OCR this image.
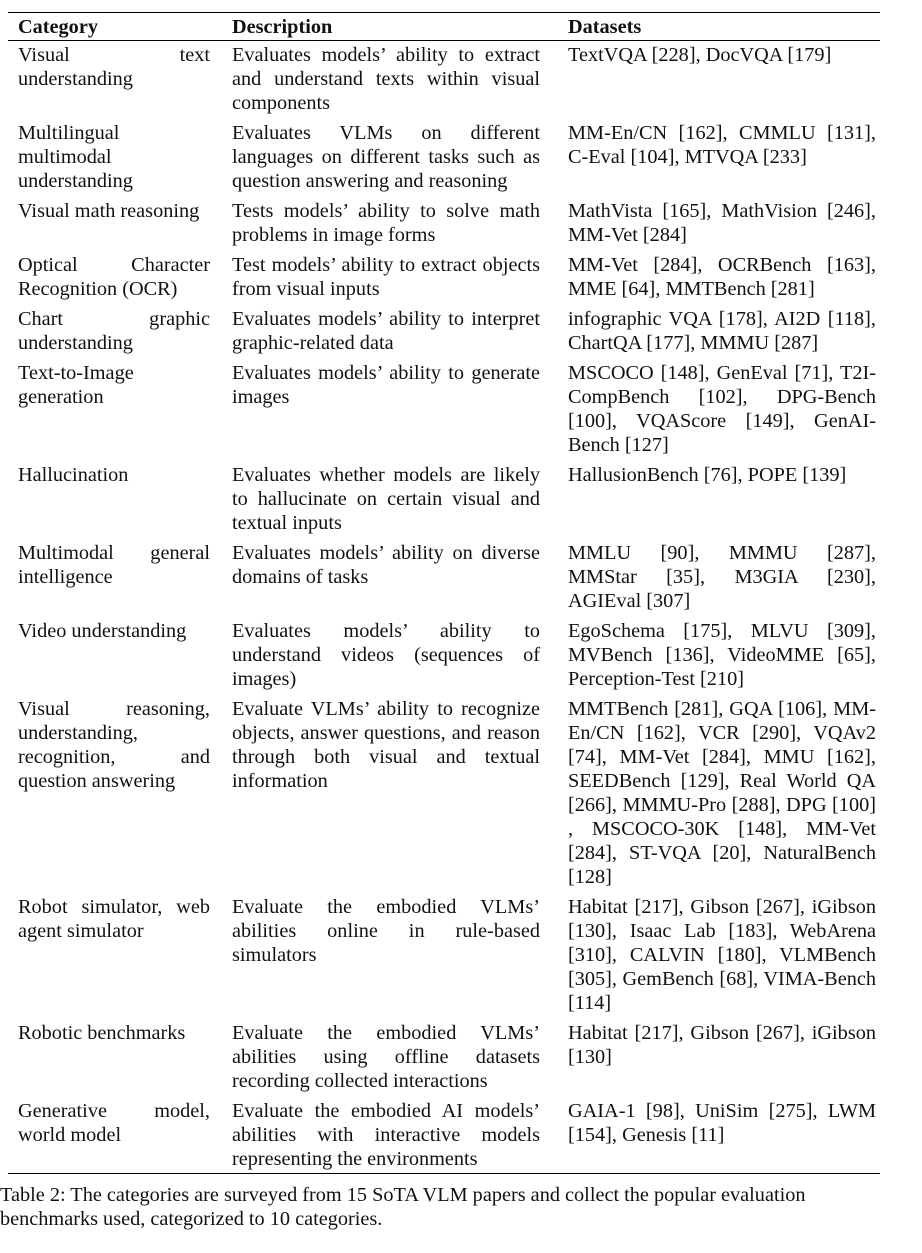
Category	Description	Datasets
Visual text understanding	Evaluates models’ ability to extract and understand texts within visual components	TextVQA [228], DocVQA [179]
Multilingual multimodal understanding	Evaluates VLMs on different languages on different tasks such as question answering and reasoning	MM-En/CN [162], CMMLU [131], C-Eval [104], MTVQA [233]
Visual math reasoning	Tests models’ ability to solve math problems in image forms	MathVista [165], MathVision [246], MM-Vet [284]
Optical Character Recognition (OCR)	Test models’ ability to extract objects from visual inputs	MM-Vet [284], OCRBench [163], MME [64], MMTBench [281]
Chart graphic understanding	Evaluates models’ ability to interpret graphic-related data	infographic VQA [178], AI2D [118], ChartQA [177], MMMU [287]
Text-to-Image generation	Evaluates models’ ability to generate images	MSCOCO [148], GenEval [71], T2I-CompBench [102], DPG-Bench [100], VQAScore [149], GenAI-Bench [127]
Hallucination	Evaluates whether models are likely to hallucinate on certain visual and textual inputs	HallusionBench [76], POPE [139]
Multimodal general intelligence	Evaluates models’ ability on diverse domains of tasks	MMLU [90], MMMU [287], MMStar [35], M3GIA [230], AGIEval [307]
Video understanding	Evaluates models’ ability to understand videos (sequences of images)	EgoSchema [175], MLVU [309], MVBench [136], VideoMME [65], Perception-Test [210]
Visual reasoning, understanding, recognition, and question answering	Evaluate VLMs’ ability to recognize objects, answer questions, and reason through both visual and textual information	MMTBench [281], GQA [106], MM-En/CN [162], VCR [290], VQAv2 [74], MM-Vet [284], MMU [162], SEEDBench [129], Real World QA [266], MMMU-Pro [288], DPG [100] , MSCOCO-30K [148], MM-Vet [284], ST-VQA [20], NaturalBench [128]
Robot simulator, web agent simulator	Evaluate the embodied VLMs’ abilities online in rule-based simulators	Habitat [217], Gibson [267], iGibson [130], Isaac Lab [183], WebArena [310], CALVIN [180], VLMBench [305], GemBench [68], VIMA-Bench [114]
Robotic benchmarks	Evaluate the embodied VLMs’ abilities using offline datasets recording collected interactions	Habitat [217], Gibson [267], iGibson [130]
Generative model, world model	Evaluate the embodied AI models’ abilities with interactive models representing the environments	GAIA-1 [98], UniSim [275], LWM [154], Genesis [11]
Table 2: The categories are surveyed from 15 SoTA VLM papers and collect the popular evaluation benchmarks used, categorized to 10 categories.
